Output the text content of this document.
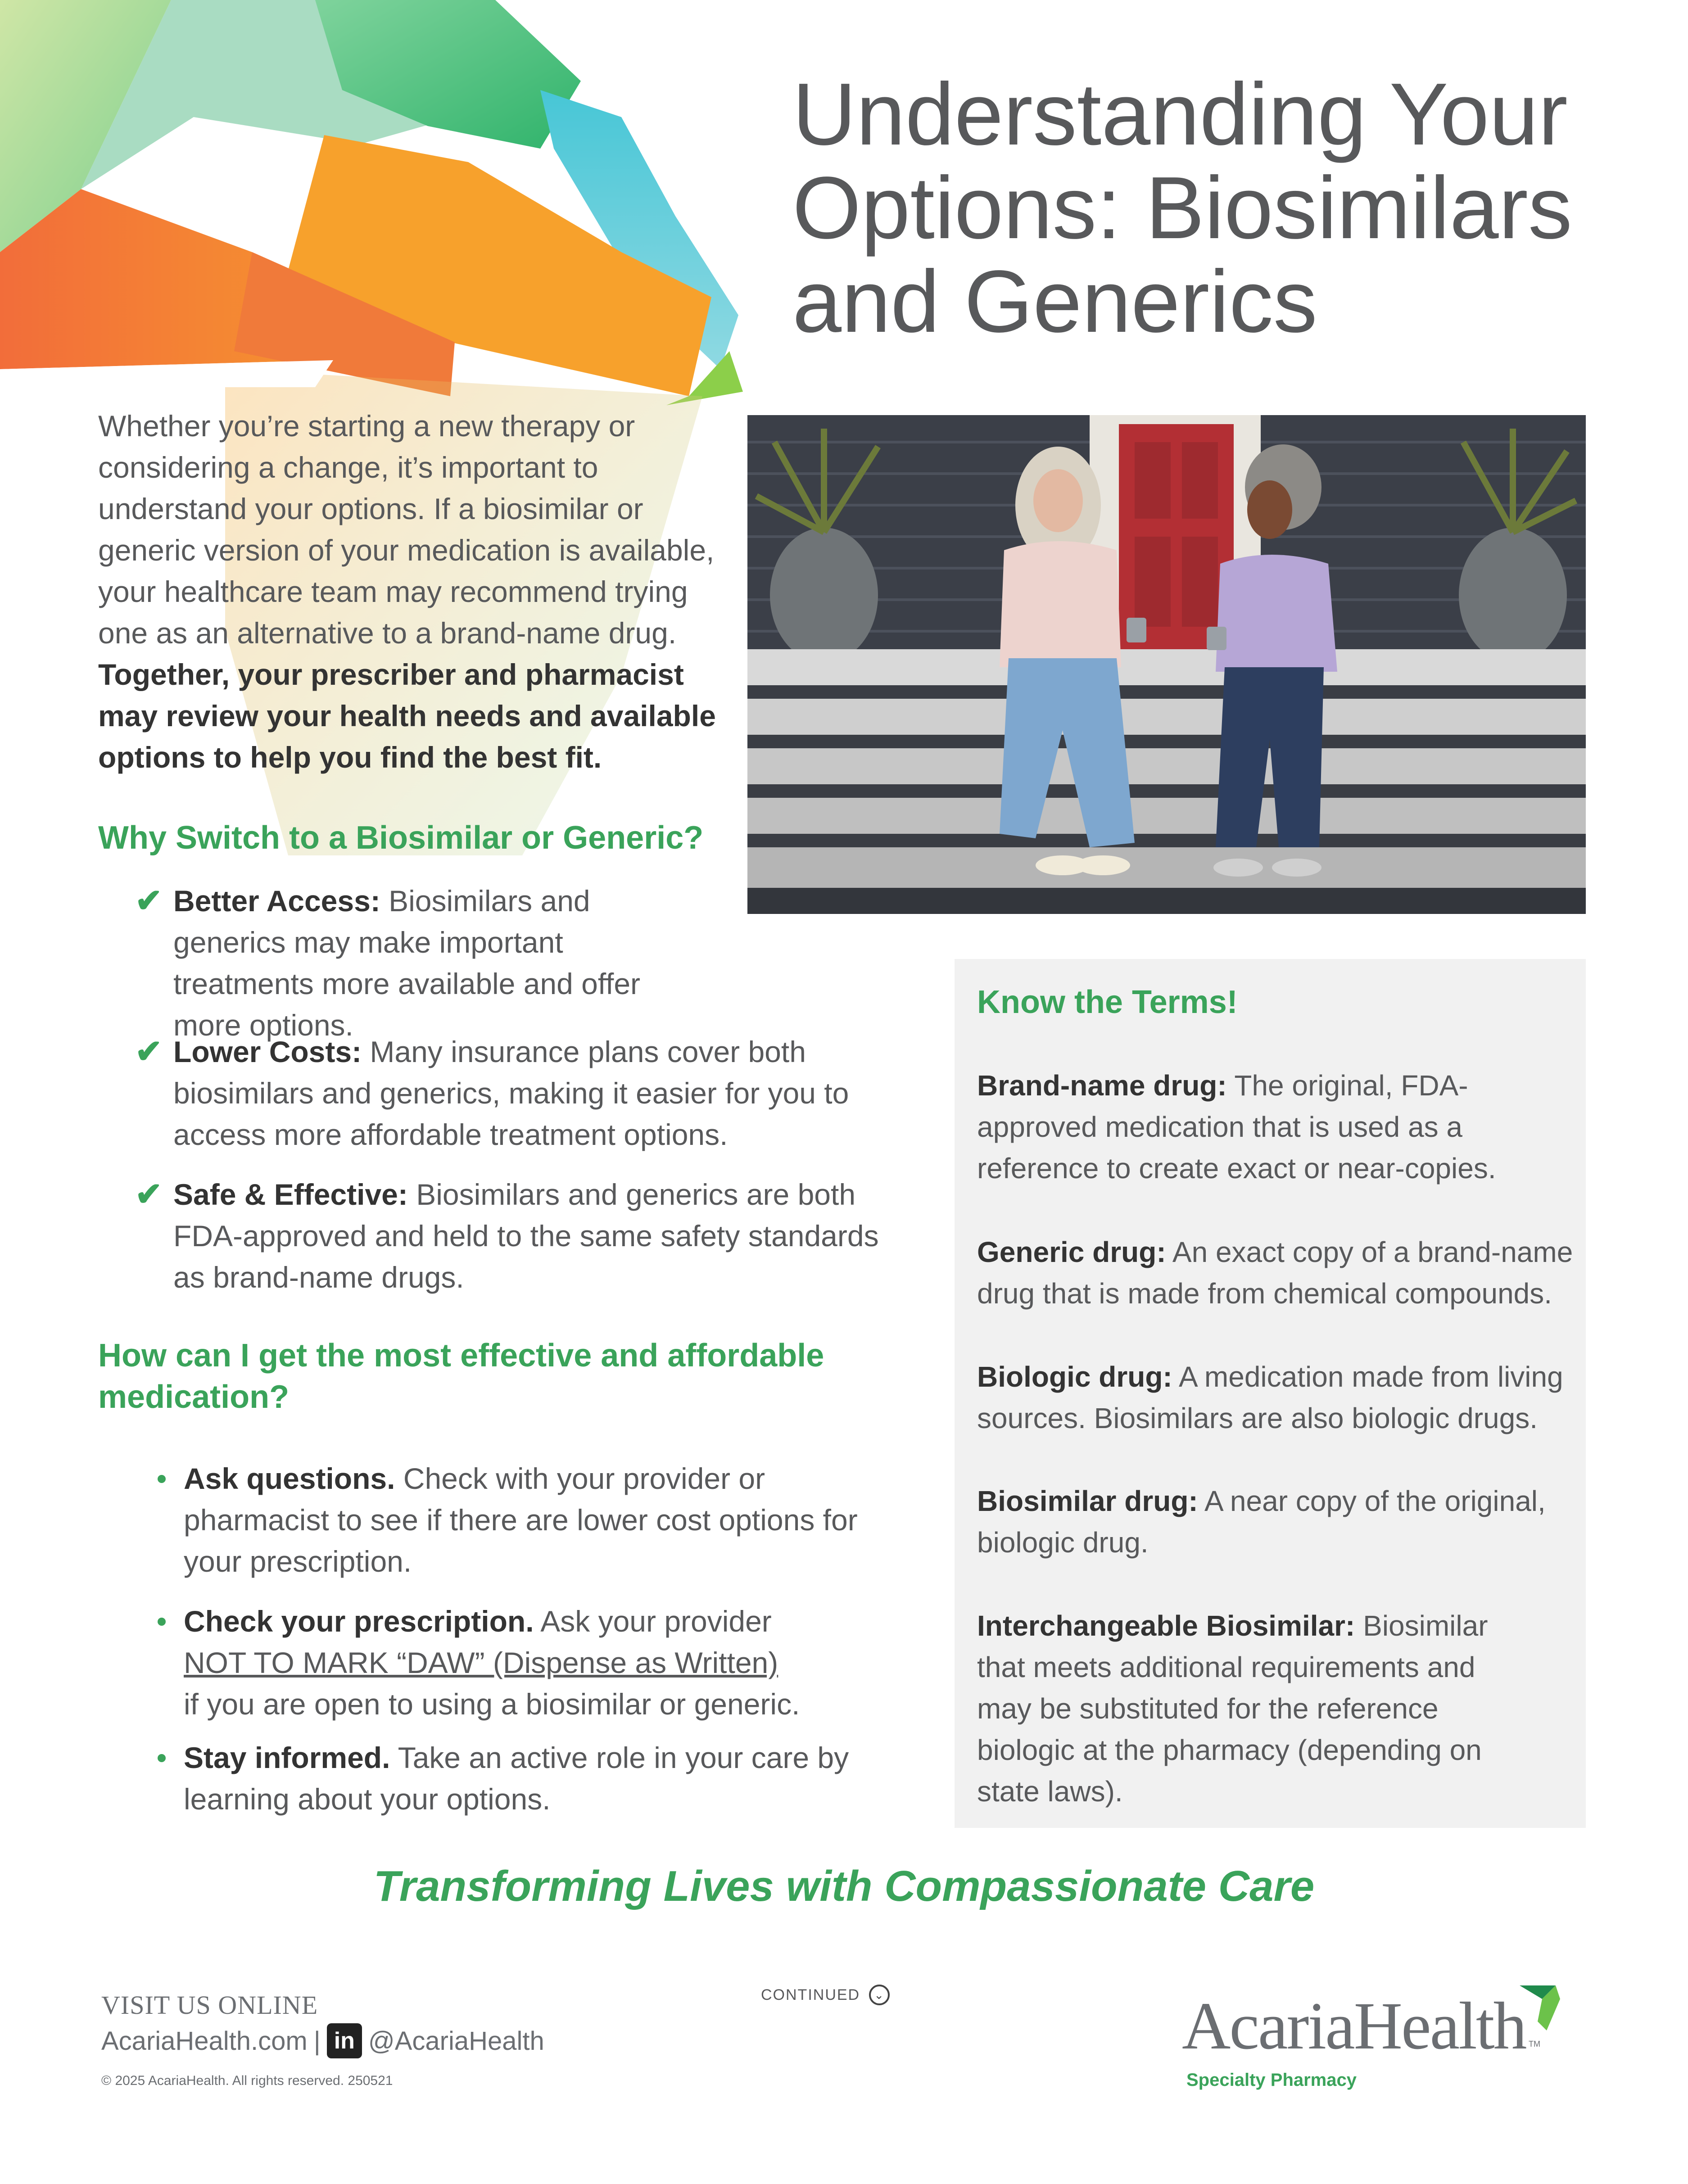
Understanding Your Options: Biosimilars and Generics
Whether you’re starting a new therapy or considering a change, it’s important to understand your options. If a biosimilar or generic version of your medication is available, your healthcare team may recommend trying one as an alternative to a brand-name drug. Together, your prescriber and pharmacist may review your health needs and available options to help you find the best fit.
Why Switch to a Biosimilar or Generic?
✔ Better Access: Biosimilars and generics may make important treatments more available and offer more options.
✔ Lower Costs: Many insurance plans cover both biosimilars and generics, making it easier for you to access more affordable treatment options.
✔ Safe & Effective: Biosimilars and generics are both FDA-approved and held to the same safety standards as brand-name drugs.
How can I get the most effective and affordable medication?
Ask questions. Check with your provider or pharmacist to see if there are lower cost options for your prescription.
Check your prescription. Ask your provider
NOT TO MARK “DAW” (Dispense as Written)
if you are open to using a biosimilar or generic.
Stay informed. Take an active role in your care by learning about your options.
Know the Terms!
Brand-name drug: The original, FDA-approved medication that is used as a reference to create exact or near-copies.
Generic drug: An exact copy of a brand-name drug that is made from chemical compounds.
Biologic drug: A medication made from living sources. Biosimilars are also biologic drugs.
Biosimilar drug: A near copy of the original, biologic drug.
Interchangeable Biosimilar: Biosimilar that meets additional requirements and may be substituted for the reference biologic at the pharmacy (depending on state laws).
Transforming Lives with Compassionate Care
VISIT US ONLINE
AcariaHealth.com | in @AcariaHealth
© 2025 AcariaHealth. All rights reserved. 250521
CONTINUED	⌄	AcariaHealth TM
Specialty Pharmacy
